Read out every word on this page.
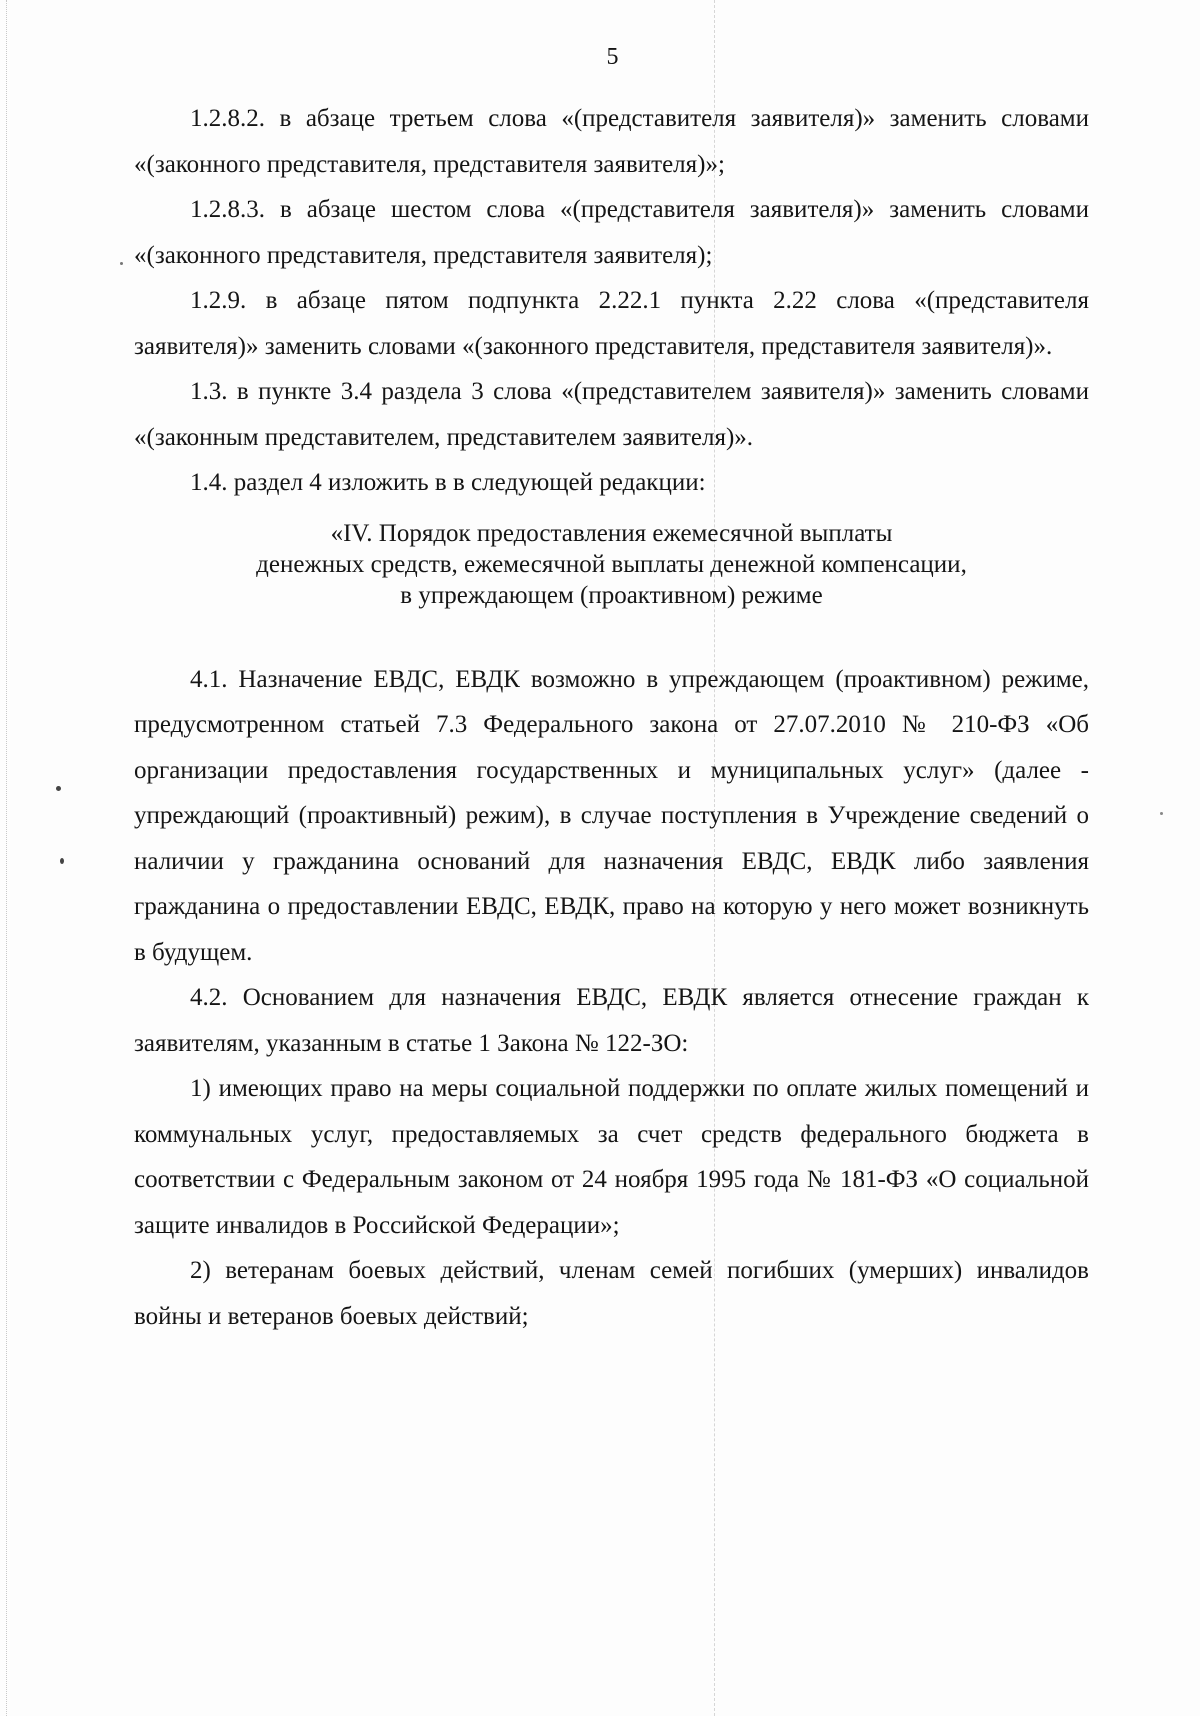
5

1.2.8.2. в абзаце третьем слова «(представителя заявителя)» заменить словами «(законного представителя, представителя заявителя)»;

1.2.8.3. в абзаце шестом слова «(представителя заявителя)» заменить словами «(законного представителя, представителя заявителя);

1.2.9. в абзаце пятом подпункта 2.22.1 пункта 2.22 слова «(представителя заявителя)» заменить словами «(законного представителя, представителя заявителя)».

1.3. в пункте 3.4 раздела 3 слова «(представителем заявителя)» заменить словами «(законным представителем, представителем заявителя)».

1.4. раздел 4 изложить в в следующей редакции:

«IV. Порядок предоставления ежемесячной выплаты
денежных средств, ежемесячной выплаты денежной компенсации,
в упреждающем (проактивном) режиме

4.1. Назначение ЕВДС, ЕВДК возможно в упреждающем (проактивном) режиме, предусмотренном статьей 7.3 Федерального закона от 27.07.2010 № 210-ФЗ «Об организации предоставления государственных и муниципальных услуг» (далее - упреждающий (проактивный) режим), в случае поступления в Учреждение сведений о наличии у гражданина оснований для назначения ЕВДС, ЕВДК либо заявления гражданина о предоставлении ЕВДС, ЕВДК, право на которую у него может возникнуть в будущем.

4.2. Основанием для назначения ЕВДС, ЕВДК является отнесение граждан к заявителям, указанным в статье 1 Закона № 122-ЗО:

1) имеющих право на меры социальной поддержки по оплате жилых помещений и коммунальных услуг, предоставляемых за счет средств федерального бюджета в соответствии с Федеральным законом от 24 ноября 1995 года № 181-ФЗ «О социальной защите инвалидов в Российской Федерации»;

2) ветеранам боевых действий, членам семей погибших (умерших) инвалидов войны и ветеранов боевых действий;
